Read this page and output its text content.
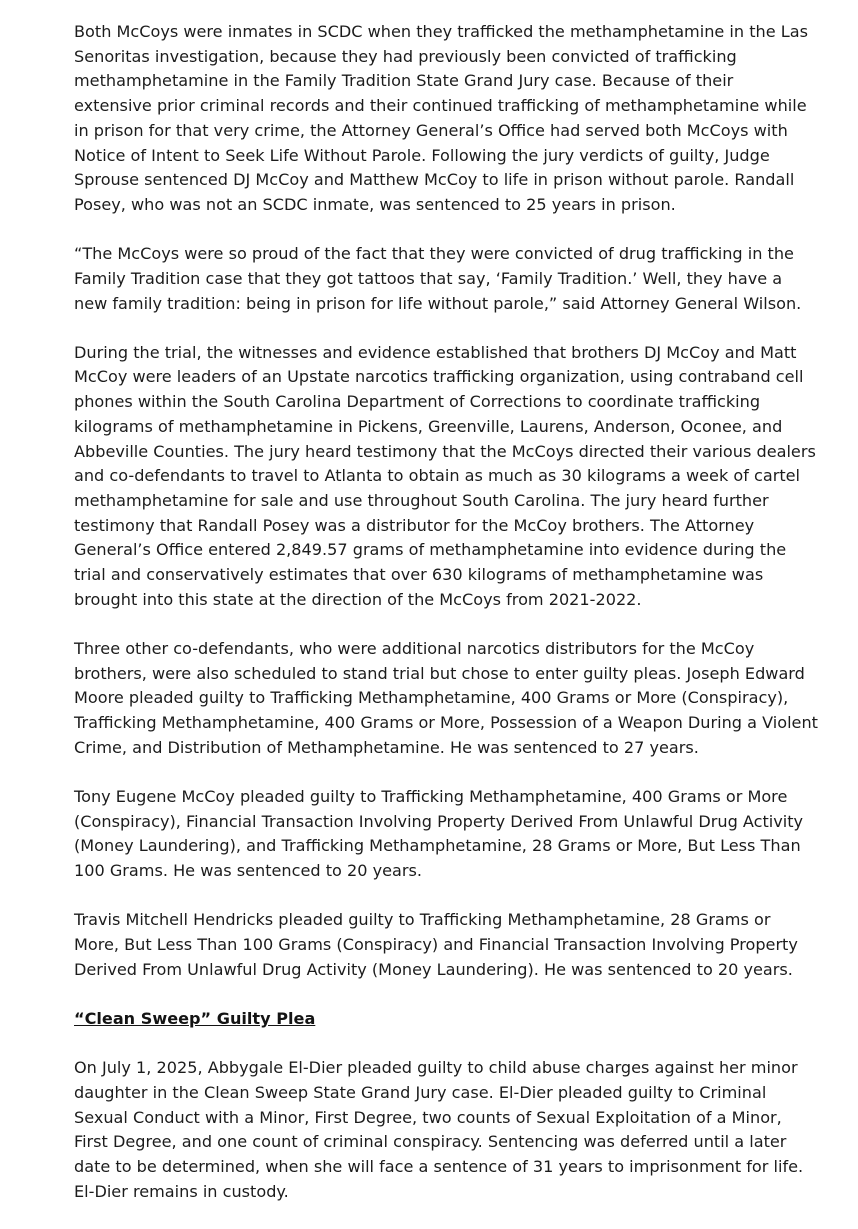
Both McCoys were inmates in SCDC when they trafficked the methamphetamine in the Las
Senoritas investigation, because they had previously been convicted of trafficking
methamphetamine in the Family Tradition State Grand Jury case. Because of their
extensive prior criminal records and their continued trafficking of methamphetamine while
in prison for that very crime, the Attorney General’s Office had served both McCoys with
Notice of Intent to Seek Life Without Parole. Following the jury verdicts of guilty, Judge
Sprouse sentenced DJ McCoy and Matthew McCoy to life in prison without parole. Randall
Posey, who was not an SCDC inmate, was sentenced to 25 years in prison.

“The McCoys were so proud of the fact that they were convicted of drug trafficking in the
Family Tradition case that they got tattoos that say, ‘Family Tradition.’ Well, they have a
new family tradition: being in prison for life without parole,” said Attorney General Wilson.

During the trial, the witnesses and evidence established that brothers DJ McCoy and Matt
McCoy were leaders of an Upstate narcotics trafficking organization, using contraband cell
phones within the South Carolina Department of Corrections to coordinate trafficking
kilograms of methamphetamine in Pickens, Greenville, Laurens, Anderson, Oconee, and
Abbeville Counties. The jury heard testimony that the McCoys directed their various dealers
and co-defendants to travel to Atlanta to obtain as much as 30 kilograms a week of cartel
methamphetamine for sale and use throughout South Carolina. The jury heard further
testimony that Randall Posey was a distributor for the McCoy brothers. The Attorney
General’s Office entered 2,849.57 grams of methamphetamine into evidence during the
trial and conservatively estimates that over 630 kilograms of methamphetamine was
brought into this state at the direction of the McCoys from 2021-2022.

Three other co-defendants, who were additional narcotics distributors for the McCoy
brothers, were also scheduled to stand trial but chose to enter guilty pleas. Joseph Edward
Moore pleaded guilty to Trafficking Methamphetamine, 400 Grams or More (Conspiracy),
Trafficking Methamphetamine, 400 Grams or More, Possession of a Weapon During a Violent
Crime, and Distribution of Methamphetamine. He was sentenced to 27 years.

Tony Eugene McCoy pleaded guilty to Trafficking Methamphetamine, 400 Grams or More
(Conspiracy), Financial Transaction Involving Property Derived From Unlawful Drug Activity
(Money Laundering), and Trafficking Methamphetamine, 28 Grams or More, But Less Than
100 Grams. He was sentenced to 20 years.

Travis Mitchell Hendricks pleaded guilty to Trafficking Methamphetamine, 28 Grams or
More, But Less Than 100 Grams (Conspiracy) and Financial Transaction Involving Property
Derived From Unlawful Drug Activity (Money Laundering). He was sentenced to 20 years.

“Clean Sweep” Guilty Plea

On July 1, 2025, Abbygale El-Dier pleaded guilty to child abuse charges against her minor
daughter in the Clean Sweep State Grand Jury case. El-Dier pleaded guilty to Criminal
Sexual Conduct with a Minor, First Degree, two counts of Sexual Exploitation of a Minor,
First Degree, and one count of criminal conspiracy. Sentencing was deferred until a later
date to be determined, when she will face a sentence of 31 years to imprisonment for life.
El-Dier remains in custody.
